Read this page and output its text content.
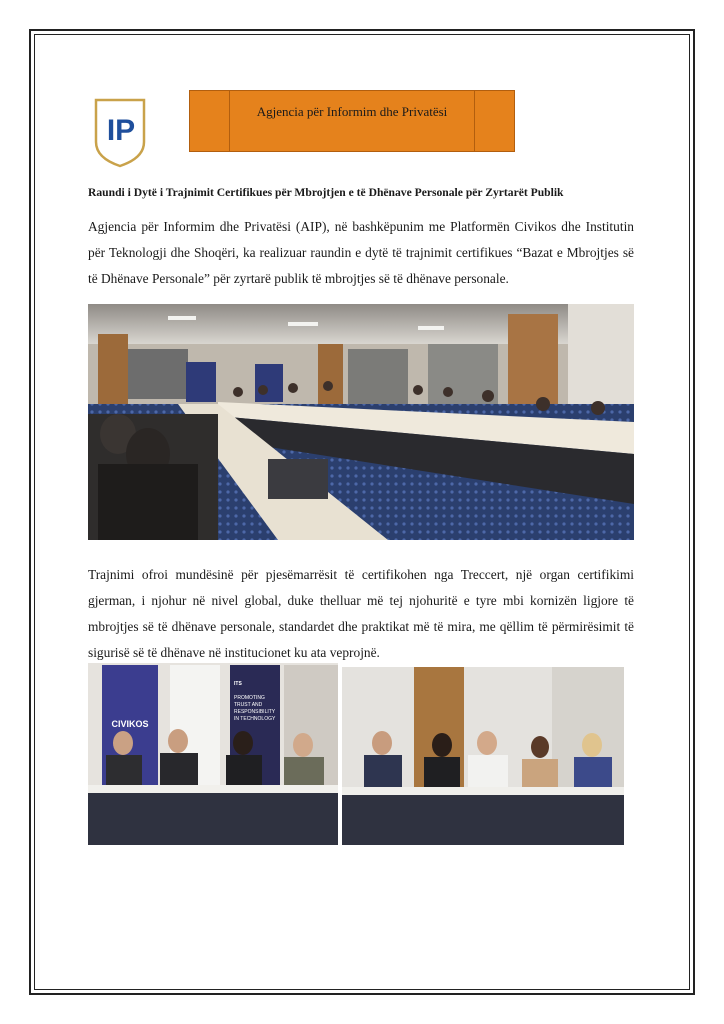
IP
Agjencia për Informim dhe Privatësi
Raundi i Dytë i Trajnimit Certifikues për Mbrojtjen e të Dhënave Personale për Zyrtarët Publik

Agjencia për Informim dhe Privatësi (AIP), në bashkëpunim me Platformën Civikos dhe Institutin për Teknologji dhe Shoqëri, ka realizuar raundin e dytë të trajnimit certifikues “Bazat e Mbrojtjes së të Dhënave Personale” për zyrtarë publik të mbrojtjes së të dhënave personale.

Trajnimi ofroi mundësinë për pjesëmarrësit të certifikohen nga Treccert, një organ certifikimi gjerman, i njohur në nivel global, duke thelluar më tej njohuritë e tyre mbi kornizën ligjore të mbrojtjes së të dhënave personale, standardet dhe praktikat më të mira, me qëllim të përmirësimit të sigurisë së të dhënave në institucionet ku ata veprojnë.

CIVIKOS
ITS
PROMOTING
TRUST AND
RESPONSIBILITY
IN TECHNOLOGY
